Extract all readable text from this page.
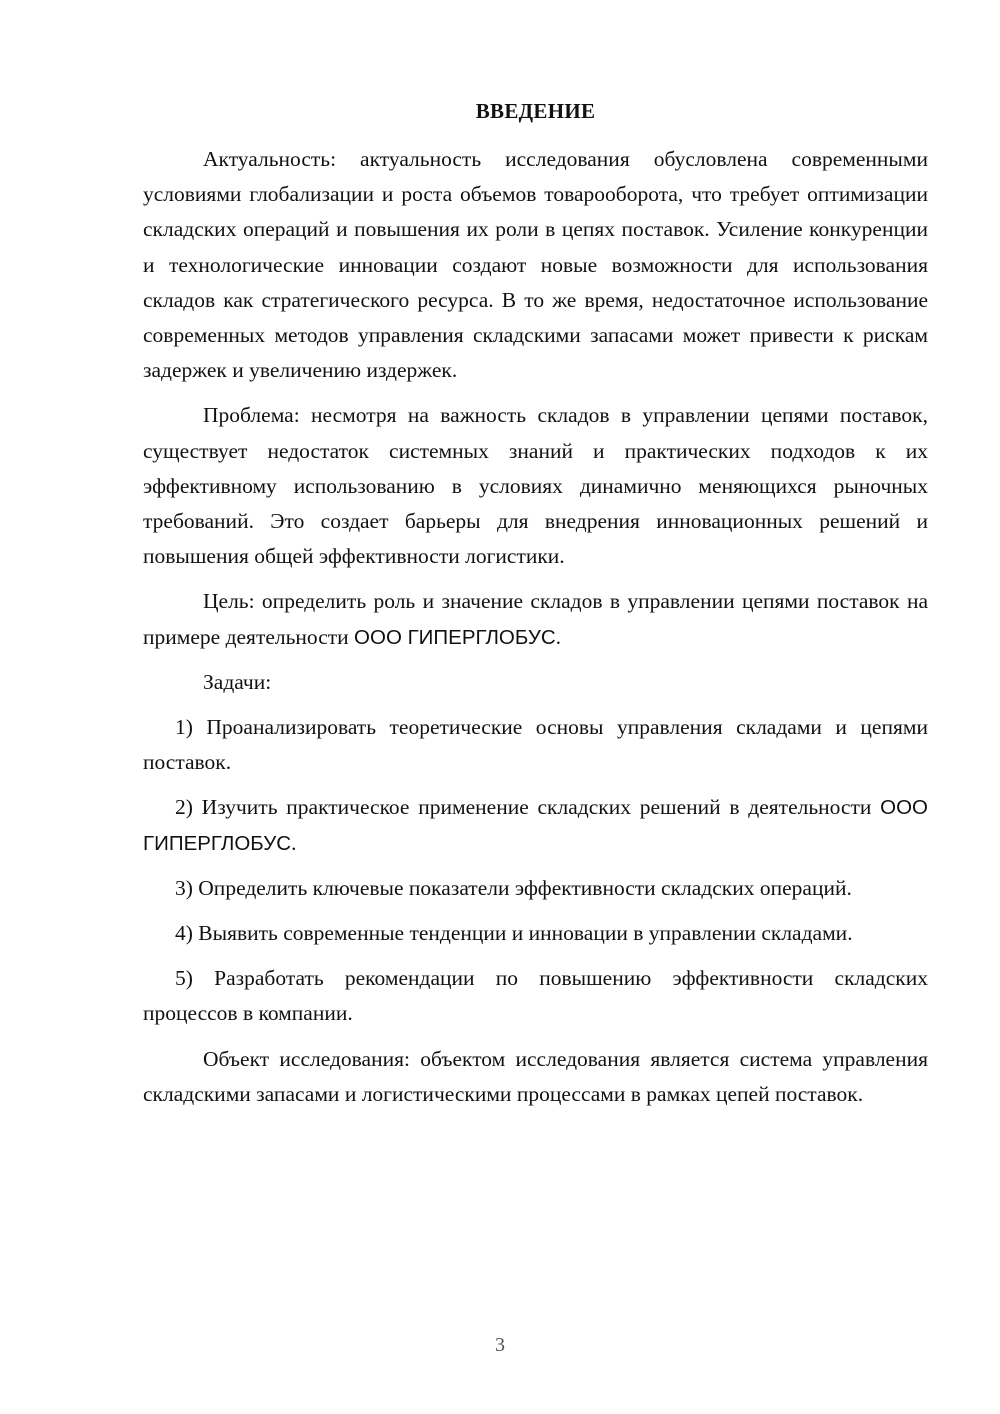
ВВЕДЕНИЕ

Актуальность: актуальность исследования обусловлена современными условиями глобализации и роста объемов товарооборота, что требует оптимизации складских операций и повышения их роли в цепях поставок. Усиление конкуренции и технологические инновации создают новые возможности для использования складов как стратегического ресурса. В то же время, недостаточное использование современных методов управления складскими запасами может привести к рискам задержек и увеличению издержек.

Проблема: несмотря на важность складов в управлении цепями поставок, существует недостаток системных знаний и практических подходов к их эффективному использованию в условиях динамично меняющихся рыночных требований. Это создает барьеры для внедрения инновационных решений и повышения общей эффективности логистики.

Цель: определить роль и значение складов в управлении цепями поставок на примере деятельности ООО ГИПЕРГЛОБУС.

Задачи:

1) Проанализировать теоретические основы управления складами и цепями поставок.

2) Изучить практическое применение складских решений в деятельности ООО ГИПЕРГЛОБУС.

3) Определить ключевые показатели эффективности складских операций.

4) Выявить современные тенденции и инновации в управлении складами.

5) Разработать рекомендации по повышению эффективности складских процессов в компании.

Объект исследования: объектом исследования является система управления складскими запасами и логистическими процессами в рамках цепей поставок.

3
